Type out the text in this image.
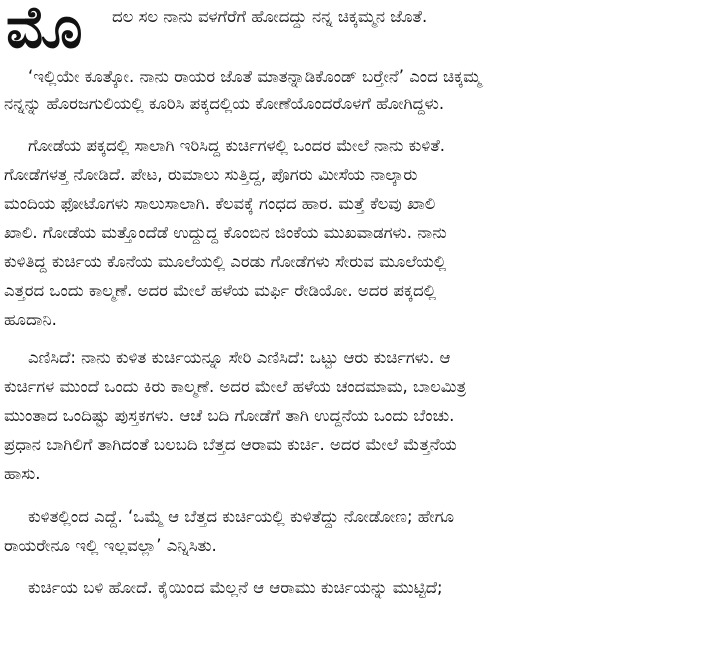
ಮೊ ದಲ ಸಲ ನಾನು ವಳಗೆರೆಗೆ ಹೋದದ್ದು ನನ್ನ ಚಿಕ್ಕಮ್ಮನ ಜೊತೆ.
‘ಇಲ್ಲಿಯೇ ಕೂತ್ಕೋ. ನಾನು ರಾಯರ ಜೊತೆ ಮಾತನ್ನಾಡಿಕೊಂಡ್ ಬರ್‍ತೇನೆ’ ಎಂದ ಚಿಕ್ಕಮ್ಮ
ನನ್ನನ್ನು ಹೊರಜಗುಲಿಯಲ್ಲಿ ಕೂರಿಸಿ ಪಕ್ಕದಲ್ಲಿಯ ಕೋಣೆಯೊಂದರೊಳಗೆ ಹೋಗಿದ್ದಳು.
ಗೋಡೆಯ ಪಕ್ಕದಲ್ಲಿ ಸಾಲಾಗಿ ಇರಿಸಿದ್ದ ಕುರ್ಚಿಗಳಲ್ಲಿ ಒಂದರ ಮೇಲೆ ನಾನು ಕುಳಿತೆ.
ಗೋಡೆಗಳತ್ತ ನೋಡಿದೆ. ಪೇಟ, ರುಮಾಲು ಸುತ್ತಿದ್ದ, ಪೊಗರು ಮೀಸೆಯ ನಾಲ್ಕಾರು
ಮಂದಿಯ ಫೋಟೊಗಳು ಸಾಲುಸಾಲಾಗಿ. ಕೆಲವಕ್ಕೆ ಗಂಧದ ಹಾರ. ಮತ್ತೆ ಕೆಲವು ಖಾಲಿ
ಖಾಲಿ. ಗೋಡೆಯ ಮತ್ತೊಂದೆಡೆ ಉದ್ದುದ್ದ ಕೊಂಬಿನ ಜಿಂಕೆಯ ಮುಖವಾಡಗಳು. ನಾನು
ಕುಳಿತಿದ್ದ ಕುರ್ಚಿಯ ಕೊನೆಯ ಮೂಲೆಯಲ್ಲಿ ಎರಡು ಗೋಡೆಗಳು ಸೇರುವ ಮೂಲೆಯಲ್ಲಿ
ಎತ್ತರದ ಒಂದು ಕಾಲ್ಮಣೆ. ಅದರ ಮೇಲೆ ಹಳೆಯ ಮರ್ಫಿ ರೇಡಿಯೋ. ಅದರ ಪಕ್ಕದಲ್ಲಿ
ಹೂದಾನಿ.
ಎಣಿಸಿದೆ: ನಾನು ಕುಳಿತ ಕುರ್ಚಿಯನ್ನೂ ಸೇರಿ ಎಣಿಸಿದೆ: ಒಟ್ಟು ಆರು ಕುರ್ಚಿಗಳು. ಆ
ಕುರ್ಚಿಗಳ ಮುಂದೆ ಒಂದು ಕಿರು ಕಾಲ್ಮಣೆ. ಅದರ ಮೇಲೆ ಹಳೆಯ ಚಂದಮಾಮ, ಬಾಲಮಿತ್ರ
ಮುಂತಾದ ಒಂದಿಷ್ಟು ಪುಸ್ತಕಗಳು. ಆಚೆ ಬದಿ ಗೋಡೆಗೆ ತಾಗಿ ಉದ್ದನೆಯ ಒಂದು ಬೆಂಚು.
ಪ್ರಧಾನ ಬಾಗಿಲಿಗೆ ತಾಗಿದಂತೆ ಬಲಬದಿ ಬೆತ್ತದ ಆರಾಮ ಕುರ್ಚಿ. ಅದರ ಮೇಲೆ ಮೆತ್ತನೆಯ
ಹಾಸು.
ಕುಳಿತಲ್ಲಿಂದ ಎದ್ದೆ. ‘ಒಮ್ಮೆ ಆ ಬೆತ್ತದ ಕುರ್ಚಿಯಲ್ಲಿ ಕುಳಿತೆದ್ದು ನೋಡೋಣ; ಹೇಗೂ
ರಾಯರೇನೂ ಇಲ್ಲಿ ಇಲ್ಲವಲ್ಲಾ’ ಎನ್ನಿಸಿತು.
ಕುರ್ಚಿಯ ಬಳಿ ಹೋದೆ. ಕೈಯಿಂದ ಮೆಲ್ಲನೆ ಆ ಆರಾಮು ಕುರ್ಚಿಯನ್ನು ಮುಟ್ಟಿದೆ;
